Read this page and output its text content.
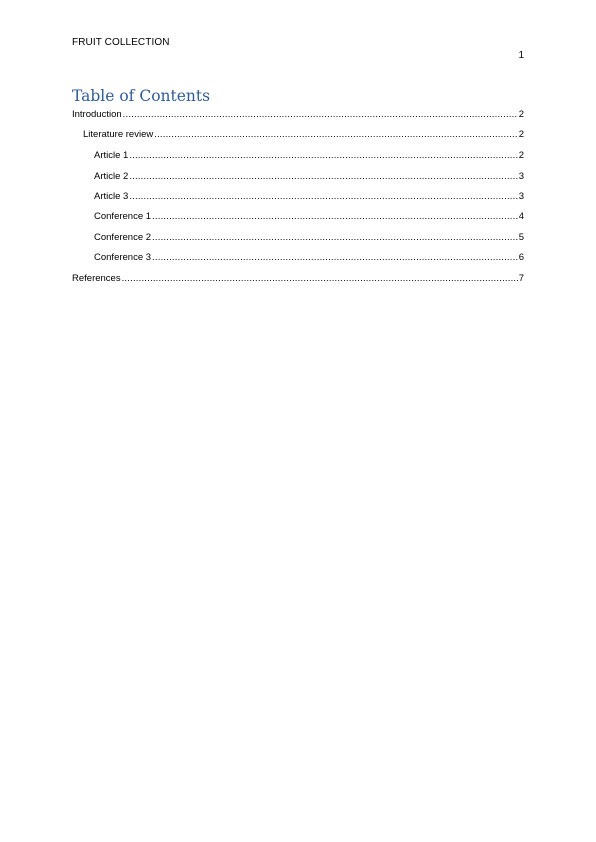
FRUIT COLLECTION
1
Table of Contents
Introduction .....	2
Literature review .....	2
Article 1 .....	2
Article 2 .....	3
Article 3 .....	3
Conference 1 .....	4
Conference 2 .....	5
Conference 3 .....	6
References .....	7
